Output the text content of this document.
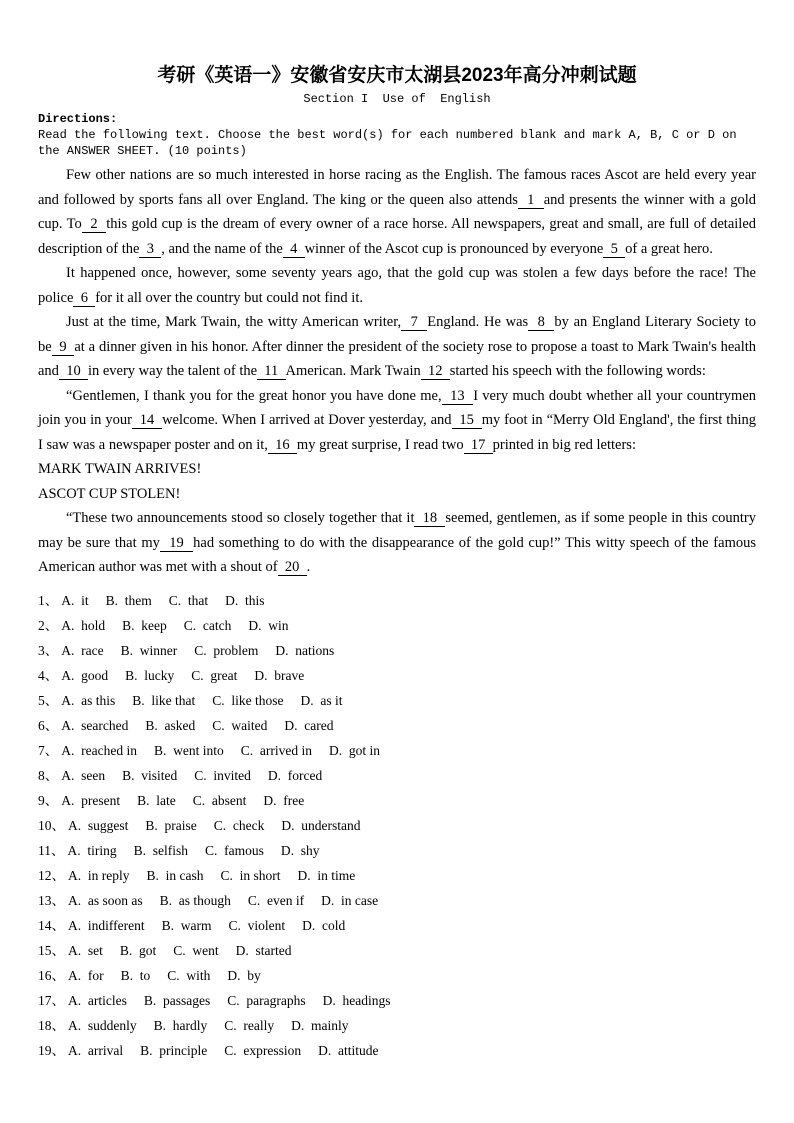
考研《英语一》安徽省安庆市太湖县2023年高分冲刺试题
Section I  Use of  English
Directions:
Read the following text. Choose the best word(s) for each numbered blank and mark A, B, C or D on the ANSWER SHEET. (10 points)

Few other nations are so much interested in horse racing as the English. The famous races Ascot are held every year and followed by sports fans all over England. The king or the queen also attends  1  and presents the winner with a gold cup. To  2  this gold cup is the dream of every owner of a race horse. All newspapers, great and small, are full of detailed description of the  3  , and the name of the  4  winner of the Ascot cup is pronounced by everyone  5  of a great hero.

It happened once, however, some seventy years ago, that the gold cup was stolen a few days before the race! The police  6  for it all over the country but could not find it.

Just at the time, Mark Twain, the witty American writer,  7  England. He was  8  by an England Literary Society to be  9  at a dinner given in his honor. After dinner the president of the society rose to propose a toast to Mark Twain's health and  10  in every way the talent of the  11  American. Mark Twain  12  started his speech with the following words:

“Gentlemen, I thank you for the great honor you have done me,  13  I very much doubt whether all your countrymen join you in your  14  welcome. When I arrived at Dover yesterday, and  15  my foot in “Merry Old England', the first thing I saw was a newspaper poster and on it,  16  my great surprise, I read two  17  printed in big red letters:

MARK TWAIN ARRIVES!

ASCOT CUP STOLEN!

“These two announcements stood so closely together that it  18  seemed, gentlemen, as if some people in this country may be sure that my  19  had something to do with the disappearance of the gold cup!” This witty speech of the famous American author was met with a shout of  20  .

1、 A.  it B.  them C.  that D.  this
2、 A.  hold B.  keep C.  catch D.  win
3、 A.  race B.  winner C.  problem D.  nations
4、 A.  good B.  lucky C.  great D.  brave
5、 A.  as this B.  like that C.  like those D.  as it
6、 A.  searched B.  asked C.  waited D.  cared
7、 A.  reached in B.  went into C.  arrived in D.  got in
8、 A.  seen B.  visited C.  invited D.  forced
9、 A.  present B.  late C.  absent D.  free
10、 A.  suggest B.  praise C.  check D.  understand
11、 A.  tiring B.  selfish C.  famous D.  shy
12、 A.  in reply B.  in cash C.  in short D.  in time
13、 A.  as soon as B.  as though C.  even if D.  in case
14、 A.  indifferent B.  warm C.  violent D.  cold
15、 A.  set B.  got C.  went D.  started
16、 A.  for B.  to C.  with D.  by
17、 A.  articles B.  passages C.  paragraphs D.  headings
18、 A.  suddenly B.  hardly C.  really D.  mainly
19、 A.  arrival B.  principle C.  expression D.  attitude
